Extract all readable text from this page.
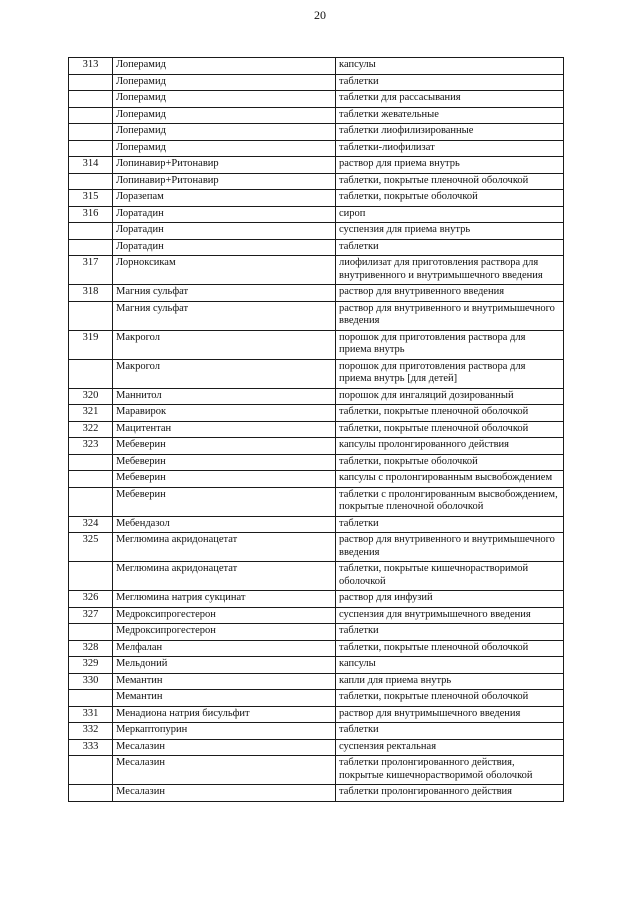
20
313	Лоперамид	капсулы
	Лоперамид	таблетки
	Лоперамид	таблетки для рассасывания
	Лоперамид	таблетки жевательные
	Лоперамид	таблетки лиофилизированные
	Лоперамид	таблетки-лиофилизат
314	Лопинавир+Ритонавир	раствор для приема внутрь
	Лопинавир+Ритонавир	таблетки, покрытые пленочной оболочкой
315	Лоразепам	таблетки, покрытые оболочкой
316	Лоратадин	сироп
	Лоратадин	суспензия для приема внутрь
	Лоратадин	таблетки
317	Лорноксикам	лиофилизат для приготовления раствора для внутривенного и внутримышечного введения
318	Магния сульфат	раствор для внутривенного введения
	Магния сульфат	раствор для внутривенного и внутримышечного введения
319	Макрогол	порошок для приготовления раствора для приема внутрь
	Макрогол	порошок для приготовления раствора для приема внутрь [для детей]
320	Маннитол	порошок для ингаляций дозированный
321	Маравирок	таблетки, покрытые пленочной оболочкой
322	Мацитентан	таблетки, покрытые пленочной оболочкой
323	Мебеверин	капсулы пролонгированного действия
	Мебеверин	таблетки, покрытые оболочкой
	Мебеверин	капсулы с пролонгированным высвобождением
	Мебеверин	таблетки с пролонгированным высвобождением, покрытые пленочной оболочкой
324	Мебендазол	таблетки
325	Меглюмина акридонацетат	раствор для внутривенного и внутримышечного введения
	Меглюмина акридонацетат	таблетки, покрытые кишечнорастворимой оболочкой
326	Меглюмина натрия сукцинат	раствор для инфузий
327	Медроксипрогестерон	суспензия для внутримышечного введения
	Медроксипрогестерон	таблетки
328	Мелфалан	таблетки, покрытые пленочной оболочкой
329	Мельдоний	капсулы
330	Мемантин	капли для приема внутрь
	Мемантин	таблетки, покрытые пленочной оболочкой
331	Менадиона натрия бисульфит	раствор для внутримышечного введения
332	Меркаптопурин	таблетки
333	Месалазин	суспензия ректальная
	Месалазин	таблетки пролонгированного действия, покрытые кишечнорастворимой оболочкой
	Месалазин	таблетки пролонгированного действия
